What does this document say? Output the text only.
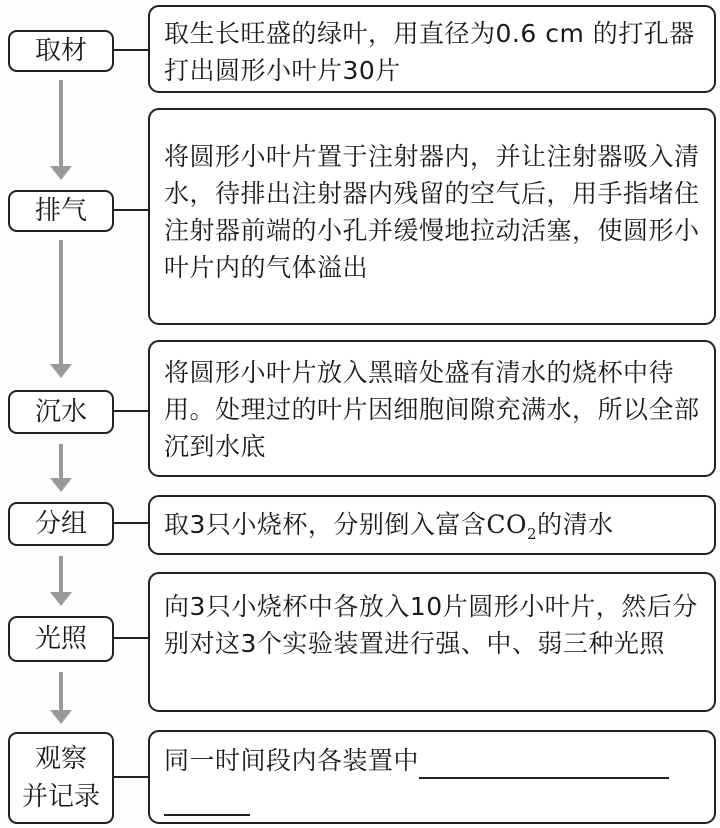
取材
取生长旺盛的绿叶，用直径为0.6 cm 的打孔器打出圆形小叶片30片
排气
将圆形小叶片置于注射器内，并让注射器吸入清水，待排出注射器内残留的空气后，用手指堵住注射器前端的小孔并缓慢地拉动活塞，使圆形小叶片内的气体溢出
沉水
将圆形小叶片放入黑暗处盛有清水的烧杯中待用。处理过的叶片因细胞间隙充满水，所以全部沉到水底
分组	取3只小烧杯，分别倒入富含$CO_2$的清水
光照
向3只小烧杯中各放入10片圆形小叶片，然后分别对这3个实验装置进行强、中、弱三种光照
观察
并记录
同一时间段内各装置中
